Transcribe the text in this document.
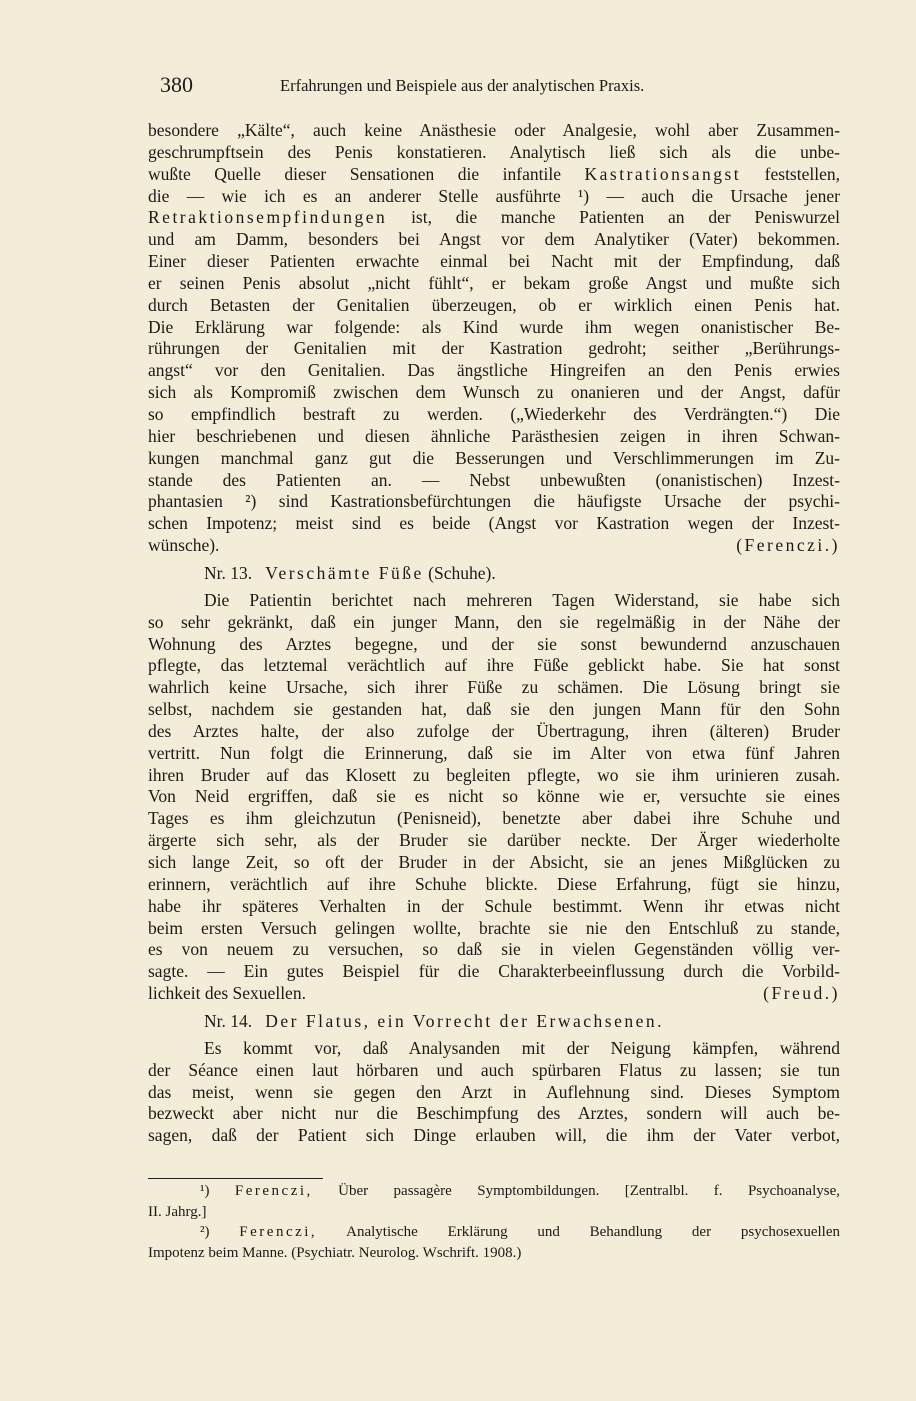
380	Erfahrungen und Beispiele aus der analytischen Praxis.
besondere „Kälte“, auch keine Anästhesie oder Analgesie, wohl aber Zusammen-
geschrumpftsein des Penis konstatieren. Analytisch ließ sich als die unbe-
wußte Quelle dieser Sensationen die infantile Kastrationsangst feststellen,
die — wie ich es an anderer Stelle ausführte ¹) — auch die Ursache jener
Retraktionsempfindungen ist, die manche Patienten an der Peniswurzel
und am Damm, besonders bei Angst vor dem Analytiker (Vater) bekommen.
Einer dieser Patienten erwachte einmal bei Nacht mit der Empfindung, daß
er seinen Penis absolut „nicht fühlt“, er bekam große Angst und mußte sich
durch Betasten der Genitalien überzeugen, ob er wirklich einen Penis hat.
Die Erklärung war folgende: als Kind wurde ihm wegen onanistischer Be-
rührungen der Genitalien mit der Kastration gedroht; seither „Berührungs-
angst“ vor den Genitalien. Das ängstliche Hingreifen an den Penis erwies
sich als Kompromiß zwischen dem Wunsch zu onanieren und der Angst, dafür
so empfindlich bestraft zu werden. („Wiederkehr des Verdrängten.“) Die
hier beschriebenen und diesen ähnliche Parästhesien zeigen in ihren Schwan-
kungen manchmal ganz gut die Besserungen und Verschlimmerungen im Zu-
stande des Patienten an. — Nebst unbewußten (onanistischen) Inzest-
phantasien ²) sind Kastrationsbefürchtungen die häufigste Ursache der psychi-
schen Impotenz; meist sind es beide (Angst vor Kastration wegen der Inzest-
wünsche).	(Ferenczi.)
Nr. 13. Verschämte Füße (Schuhe).
Die Patientin berichtet nach mehreren Tagen Widerstand, sie habe sich
so sehr gekränkt, daß ein junger Mann, den sie regelmäßig in der Nähe der
Wohnung des Arztes begegne, und der sie sonst bewundernd anzuschauen
pflegte, das letztemal verächtlich auf ihre Füße geblickt habe. Sie hat sonst
wahrlich keine Ursache, sich ihrer Füße zu schämen. Die Lösung bringt sie
selbst, nachdem sie gestanden hat, daß sie den jungen Mann für den Sohn
des Arztes halte, der also zufolge der Übertragung, ihren (älteren) Bruder
vertritt. Nun folgt die Erinnerung, daß sie im Alter von etwa fünf Jahren
ihren Bruder auf das Klosett zu begleiten pflegte, wo sie ihm urinieren zusah.
Von Neid ergriffen, daß sie es nicht so könne wie er, versuchte sie eines
Tages es ihm gleichzutun (Penisneid), benetzte aber dabei ihre Schuhe und
ärgerte sich sehr, als der Bruder sie darüber neckte. Der Ärger wiederholte
sich lange Zeit, so oft der Bruder in der Absicht, sie an jenes Mißglücken zu
erinnern, verächtlich auf ihre Schuhe blickte. Diese Erfahrung, fügt sie hinzu,
habe ihr späteres Verhalten in der Schule bestimmt. Wenn ihr etwas nicht
beim ersten Versuch gelingen wollte, brachte sie nie den Entschluß zu stande,
es von neuem zu versuchen, so daß sie in vielen Gegenständen völlig ver-
sagte. — Ein gutes Beispiel für die Charakterbeeinflussung durch die Vorbild-
lichkeit des Sexuellen.	(Freud.)
Nr. 14. Der Flatus, ein Vorrecht der Erwachsenen.
Es kommt vor, daß Analysanden mit der Neigung kämpfen, während
der Séance einen laut hörbaren und auch spürbaren Flatus zu lassen; sie tun
das meist, wenn sie gegen den Arzt in Auflehnung sind. Dieses Symptom
bezweckt aber nicht nur die Beschimpfung des Arztes, sondern will auch be-
sagen, daß der Patient sich Dinge erlauben will, die ihm der Vater verbot,
¹) Ferenczi, Über passagère Symptombildungen. [Zentralbl. f. Psychoanalyse,
II. Jahrg.]
²) Ferenczi, Analytische Erklärung und Behandlung der psychosexuellen
Impotenz beim Manne. (Psychiatr. Neurolog. Wschrift. 1908.)
